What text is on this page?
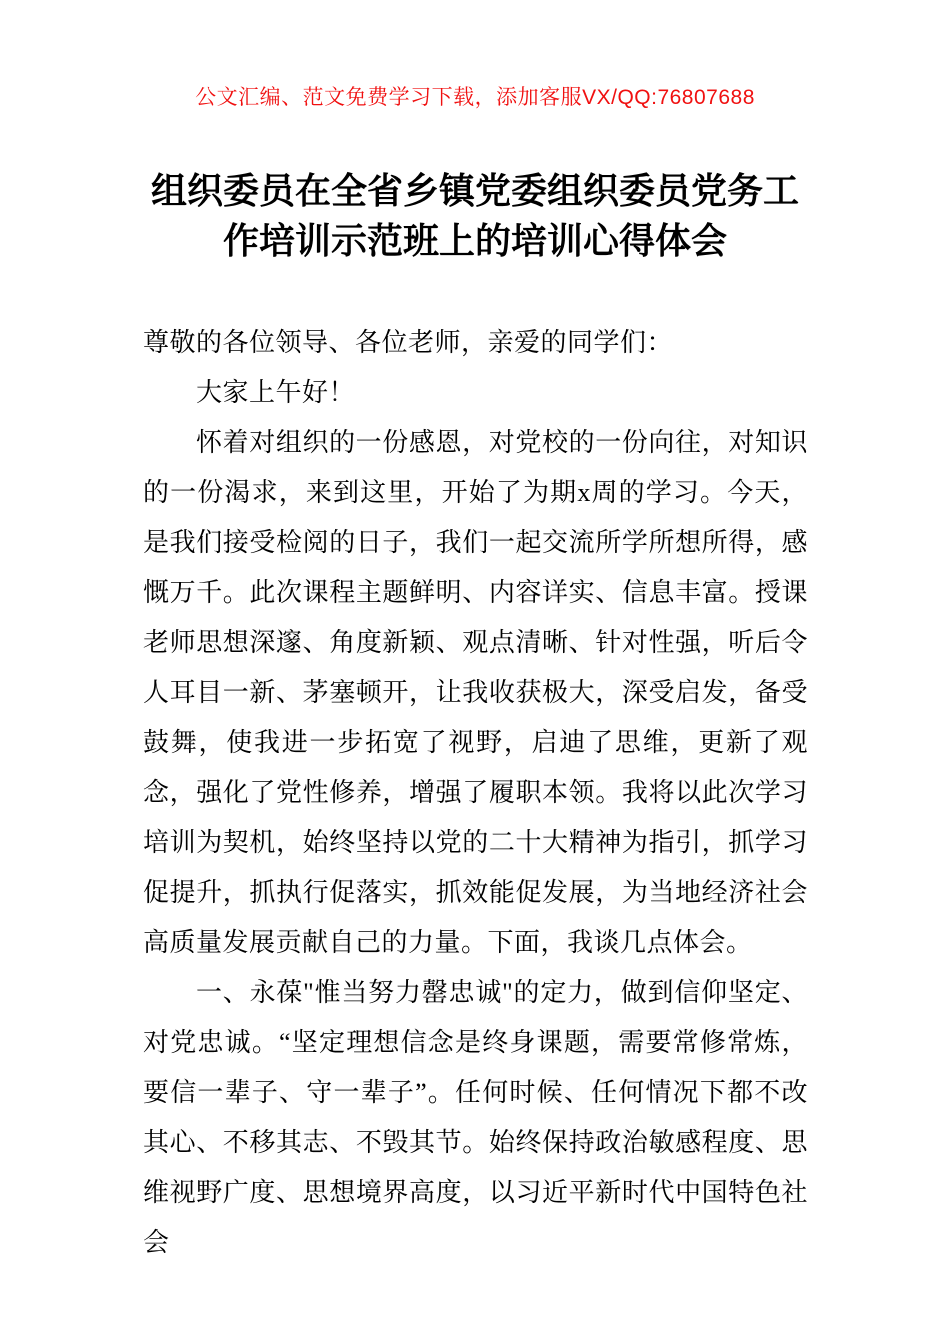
公文汇编、范文免费学习下载，添加客服VX/QQ:76807688
组织委员在全省乡镇党委组织委员党务工作培训示范班上的培训心得体会

尊敬的各位领导、各位老师，亲爱的同学们：

大家上午好！

怀着对组织的一份感恩，对党校的一份向往，对知识的一份渴求，来到这里，开始了为期x周的学习。今天，是我们接受检阅的日子，我们一起交流所学所想所得，感慨万千。此次课程主题鲜明、内容详实、信息丰富。授课老师思想深邃、角度新颖、观点清晰、针对性强，听后令人耳目一新、茅塞顿开，让我收获极大，深受启发，备受鼓舞，使我进一步拓宽了视野，启迪了思维，更新了观念，强化了党性修养，增强了履职本领。我将以此次学习培训为契机，始终坚持以党的二十大精神为指引，抓学习促提升，抓执行促落实，抓效能促发展，为当地经济社会高质量发展贡献自己的力量。下面，我谈几点体会。

一、永葆"惟当努力罄忠诚"的定力，做到信仰坚定、对党忠诚。“坚定理想信念是终身课题，需要常修常炼，要信一辈子、守一辈子”。任何时候、任何情况下都不改其心、不移其志、不毁其节。始终保持政治敏感程度、思维视野广度、思想境界高度，以习近平新时代中国特色社会
